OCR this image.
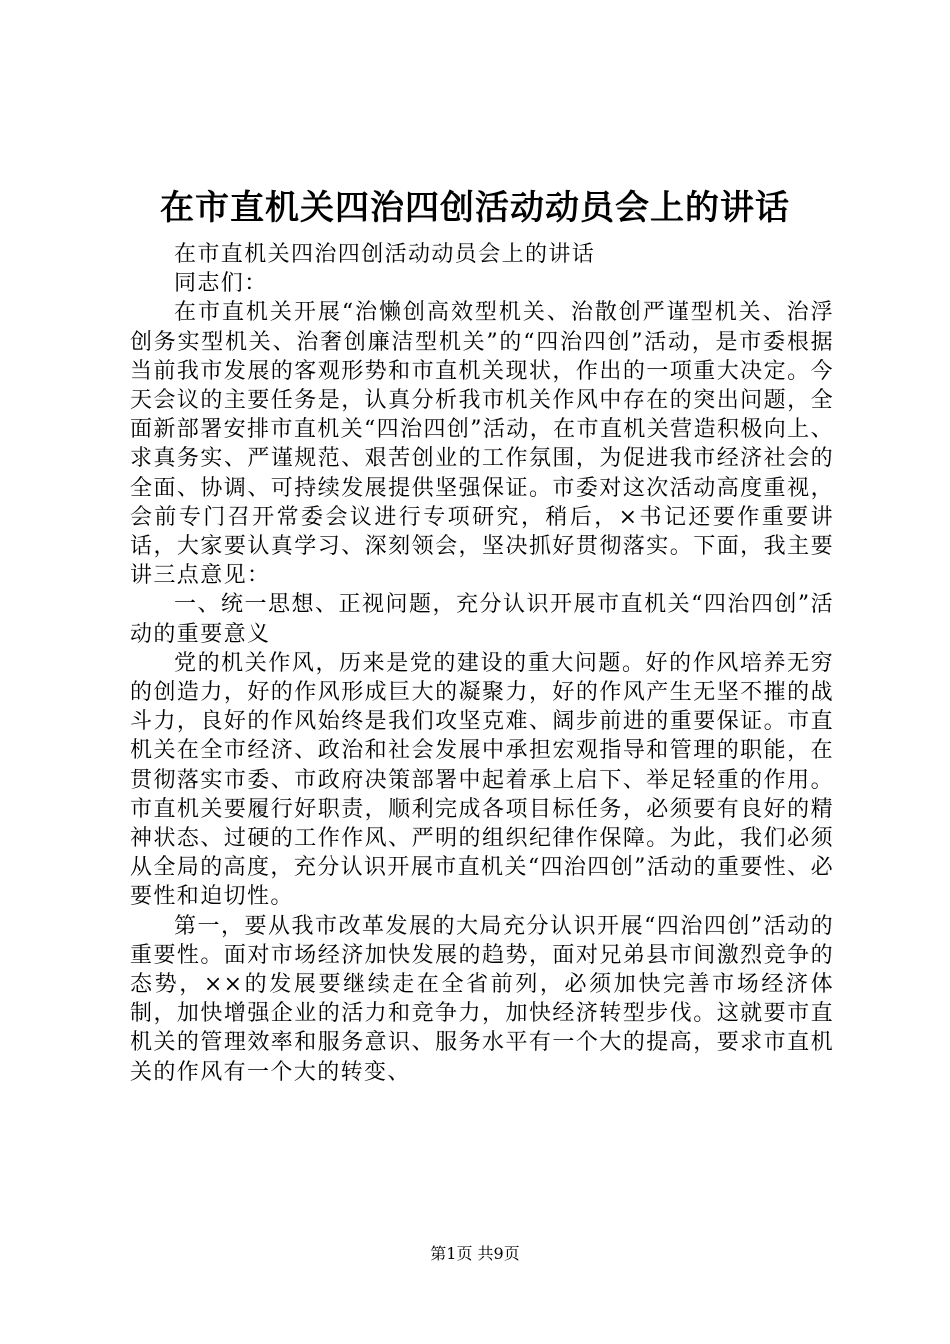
在市直机关四治四创活动动员会上的讲话

在市直机关四治四创活动动员会上的讲话

同志们：

在市直机关开展“治懒创高效型机关、治散创严谨型机关、治浮创务实型机关、治奢创廉洁型机关”的“四治四创”活动，是市委根据当前我市发展的客观形势和市直机关现状，作出的一项重大决定。今天会议的主要任务是，认真分析我市机关作风中存在的突出问题，全面新部署安排市直机关“四治四创”活动，在市直机关营造积极向上、求真务实、严谨规范、艰苦创业的工作氛围，为促进我市经济社会的全面、协调、可持续发展提供坚强保证。市委对这次活动高度重视，会前专门召开常委会议进行专项研究，稍后，×书记还要作重要讲话，大家要认真学习、深刻领会，坚决抓好贯彻落实。下面，我主要讲三点意见：

一、统一思想、正视问题，充分认识开展市直机关“四治四创”活动的重要意义

党的机关作风，历来是党的建设的重大问题。好的作风培养无穷的创造力，好的作风形成巨大的凝聚力，好的作风产生无坚不摧的战斗力，良好的作风始终是我们攻坚克难、阔步前进的重要保证。市直机关在全市经济、政治和社会发展中承担宏观指导和管理的职能，在贯彻落实市委、市政府决策部署中起着承上启下、举足轻重的作用。市直机关要履行好职责，顺利完成各项目标任务，必须要有良好的精神状态、过硬的工作作风、严明的组织纪律作保障。为此，我们必须从全局的高度，充分认识开展市直机关“四治四创”活动的重要性、必要性和迫切性。

第一，要从我市改革发展的大局充分认识开展“四治四创”活动的重要性。面对市场经济加快发展的趋势，面对兄弟县市间激烈竞争的态势，××的发展要继续走在全省前列，必须加快完善市场经济体制，加快增强企业的活力和竞争力，加快经济转型步伐。这就要市直机关的管理效率和服务意识、服务水平有一个大的提高，要求市直机关的作风有一个大的转变、

第1页 共9页
